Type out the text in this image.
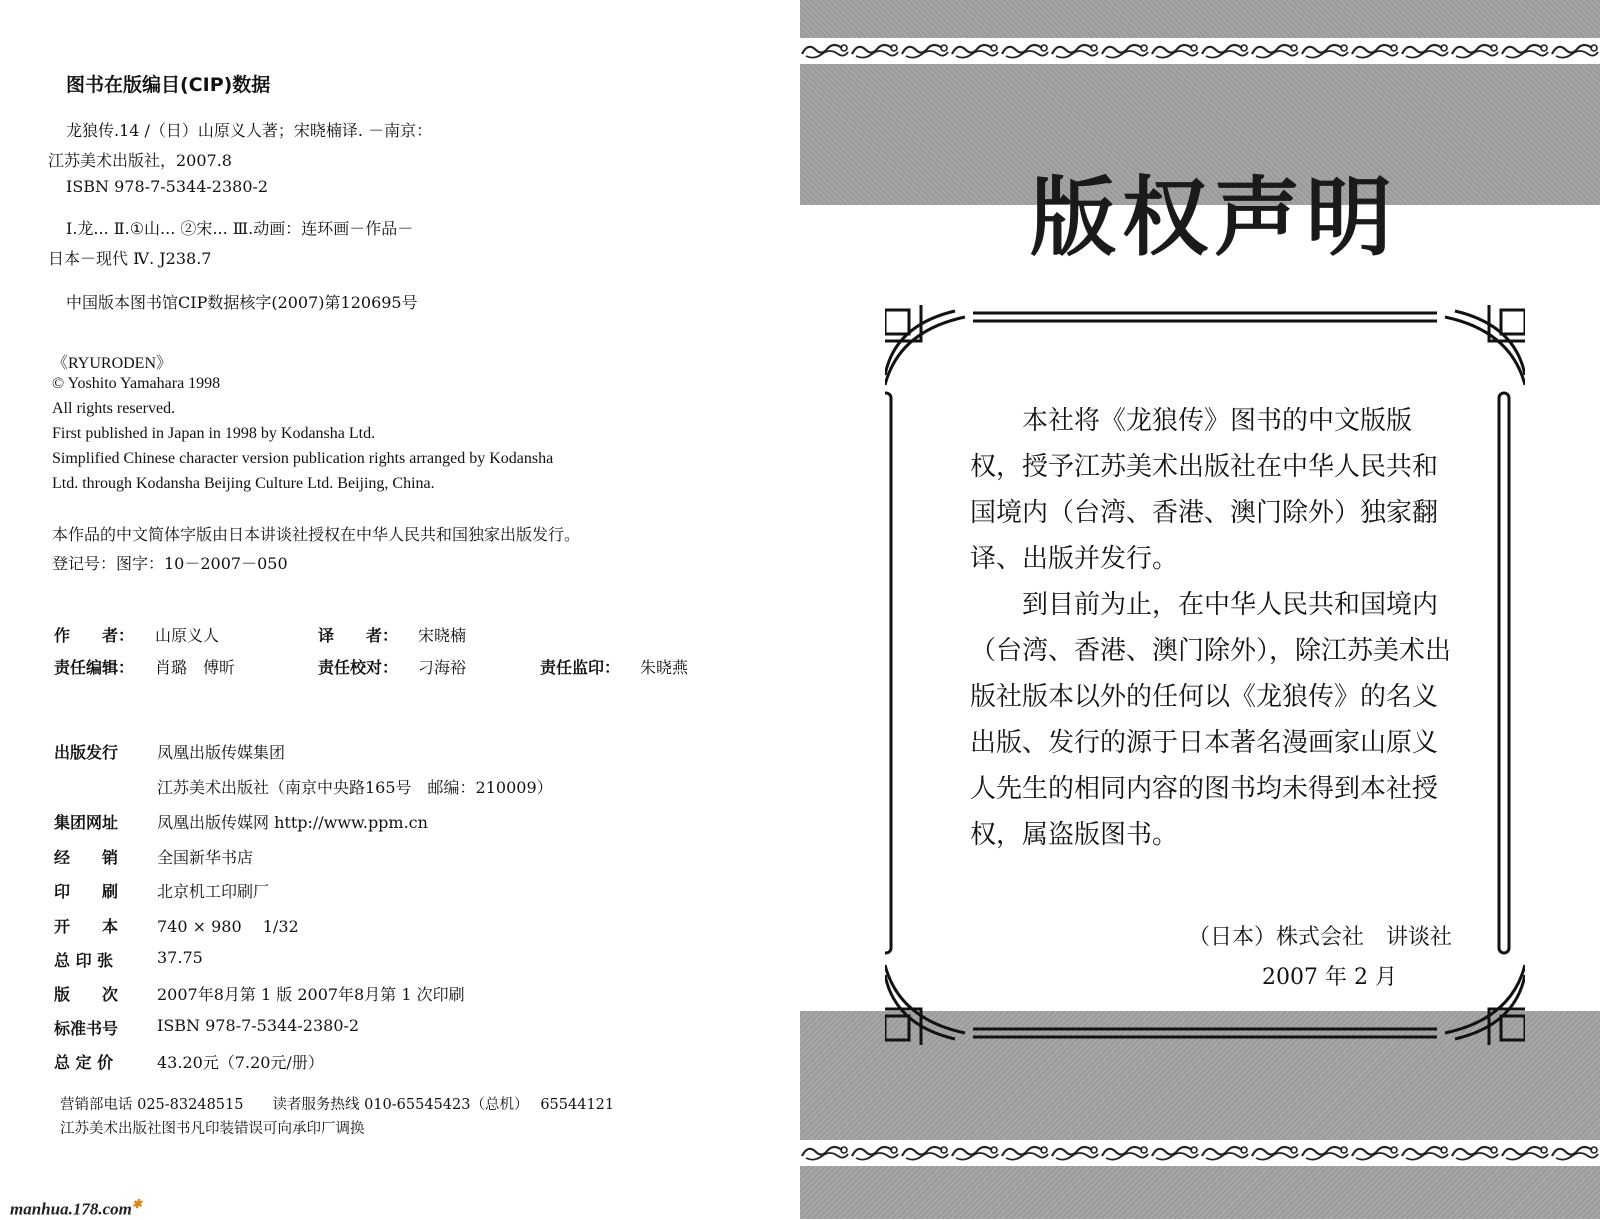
图书在版编目(CIP)数据
龙狼传.14 /（日）山原义人著；宋晓楠译. －南京：
江苏美术出版社，2007.8
ISBN 978-7-5344-2380-2
Ⅰ.龙... Ⅱ.①山... ②宋... Ⅲ.动画：连环画－作品－
日本－现代 Ⅳ. J238.7
中国版本图书馆CIP数据核字(2007)第120695号
《RYURODEN》
© Yoshito Yamahara 1998
All rights reserved.
First published in Japan in 1998 by Kodansha Ltd.
Simplified Chinese character version publication rights arranged by Kodansha
Ltd. through Kodansha Beijing Culture Ltd. Beijing, China.
本作品的中文简体字版由日本讲谈社授权在中华人民共和国独家出版发行。
登记号：图字：10－2007－050
作　　者： 山原义人	译　　者： 宋晓楠
责任编辑： 肖璐　傅昕	责任校对： 刁海裕	责任监印： 朱晓燕
出版发行 凤凰出版传媒集团
江苏美术出版社（南京中央路165号　邮编：210009）
集团网址 凤凰出版传媒网 http://www.ppm.cn
经　　销 全国新华书店
印　　刷 北京机工印刷厂
开　　本 740 × 980　 1/32
总 印 张	37.75
版　　次 2007年8月第 1 版 2007年8月第 1 次印刷
标准书号 ISBN 978-7-5344-2380-2
总 定 价	43.20元（7.20元/册）
营销部电话 025-83248515　　读者服务热线 010-65545423（总机）　 65544121
江苏美术出版社图书凡印装错误可向承印厂调换
manhua.178.com✱
版权声明

本社将《龙狼传》图书的中文版版权，授予江苏美术出版社在中华人民共和国境内（台湾、香港、澳门除外）独家翻译、出版并发行。

到目前为止，在中华人民共和国境内（台湾、香港、澳门除外），除江苏美术出版社版本以外的任何以《龙狼传》的名义出版、发行的源于日本著名漫画家山原义人先生的相同内容的图书均未得到本社授权，属盗版图书。

（日本）株式会社　讲谈社
2007 年 2 月
